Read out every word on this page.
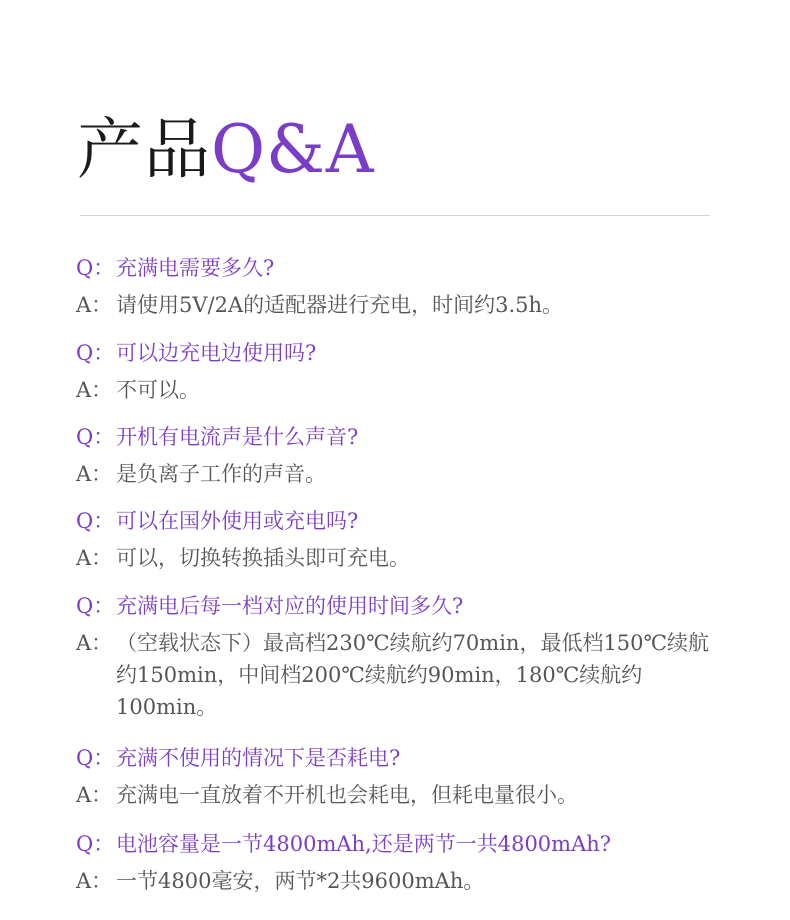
产品Q&A
Q： 充满电需要多久?
A： 请使用5V/2A的适配器进行充电，时间约3.5h。
Q： 可以边充电边使用吗?
A： 不可以。
Q： 开机有电流声是什么声音?
A： 是负离子工作的声音。
Q： 可以在国外使用或充电吗?
A： 可以，切换转换插头即可充电。
Q： 充满电后每一档对应的使用时间多久?
A： （空载状态下）最高档230℃续航约70min，最低档150℃续航约150min，中间档200℃续航约90min，180℃续航约100min。
Q： 充满不使用的情况下是否耗电?
A： 充满电一直放着不开机也会耗电，但耗电量很小。
Q： 电池容量是一节4800mAh,还是两节一共4800mAh?
A： 一节4800毫安，两节*2共9600mAh。
